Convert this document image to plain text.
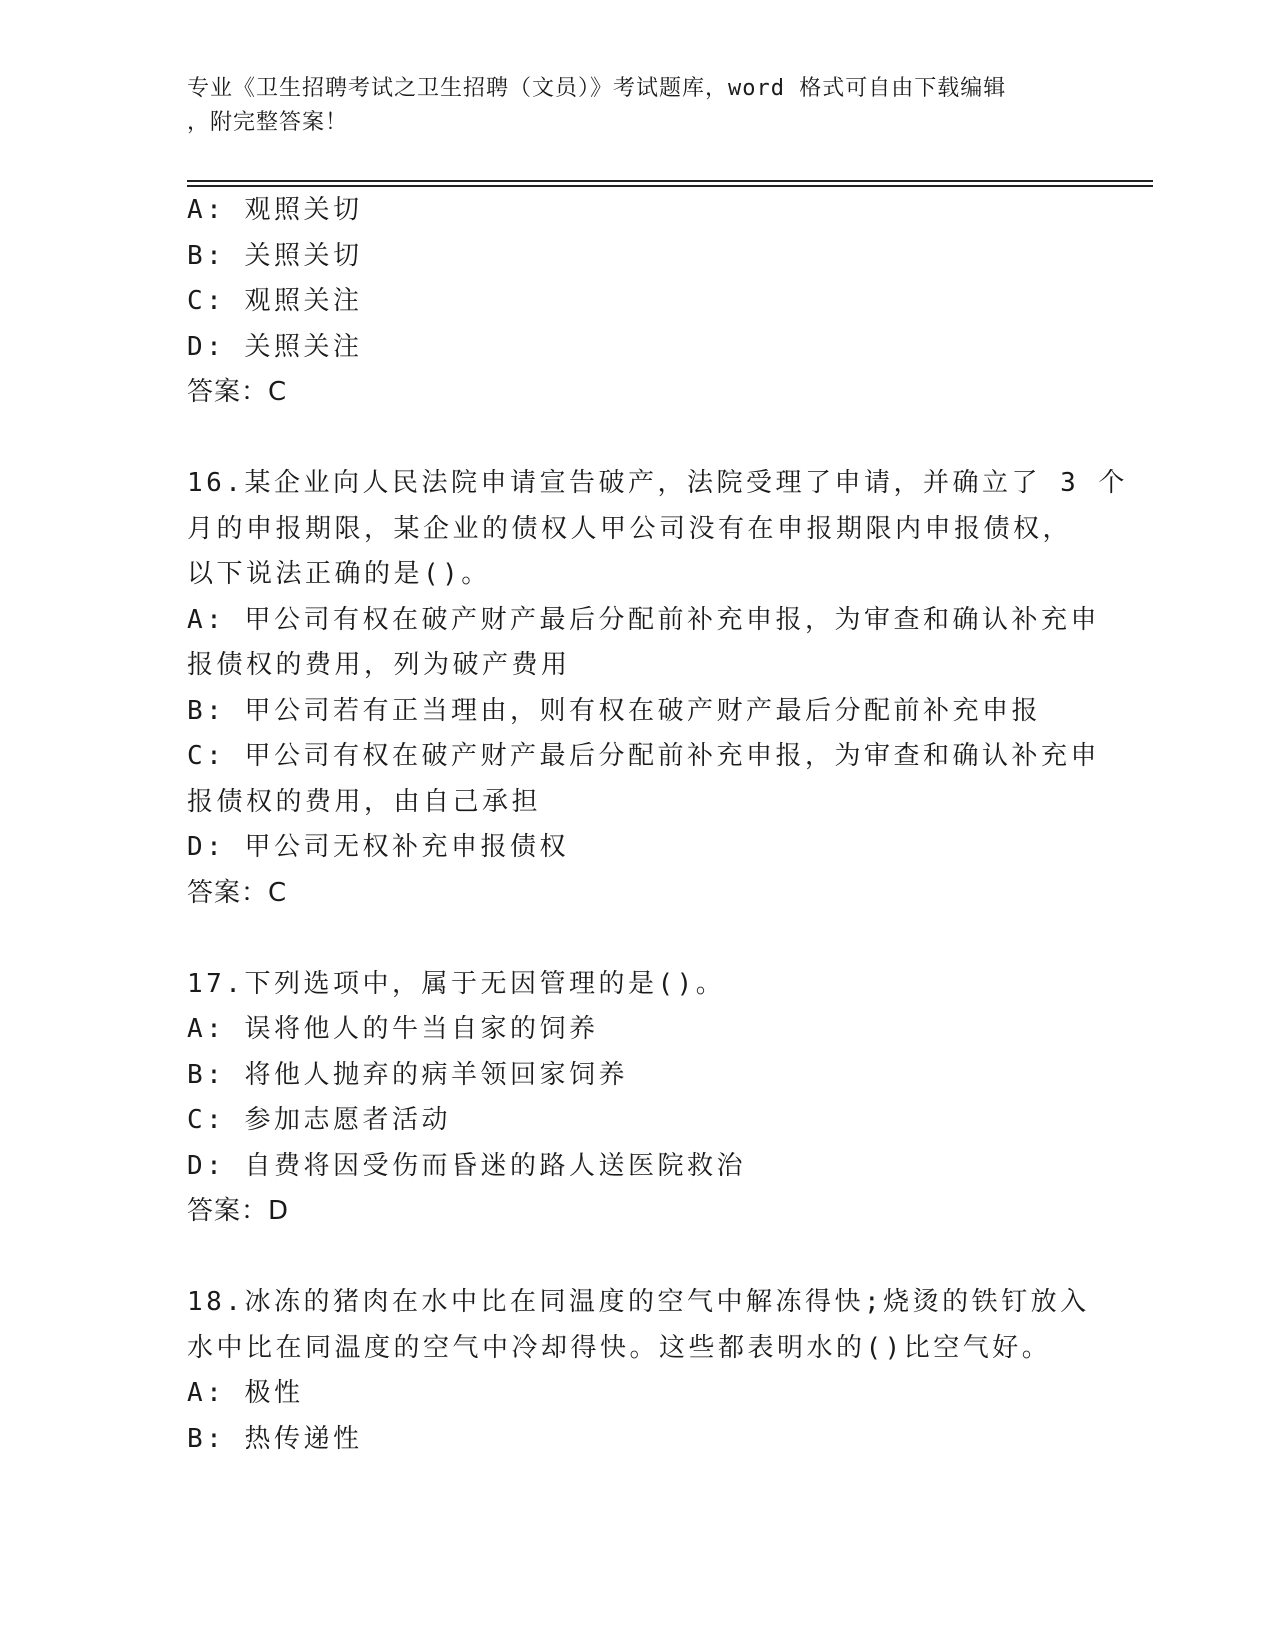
专业《卫生招聘考试之卫生招聘（文员）》考试题库，word 格式可自由下载编辑
，附完整答案！
A: 观照关切
B: 关照关切
C: 观照关注
D: 关照关注
答案：C
16.某企业向人民法院申请宣告破产，法院受理了申请，并确立了 3 个
月的申报期限，某企业的债权人甲公司没有在申报期限内申报债权，
以下说法正确的是()。
A: 甲公司有权在破产财产最后分配前补充申报，为审查和确认补充申
报债权的费用，列为破产费用
B: 甲公司若有正当理由，则有权在破产财产最后分配前补充申报
C: 甲公司有权在破产财产最后分配前补充申报，为审查和确认补充申
报债权的费用，由自己承担
D: 甲公司无权补充申报债权
答案：C
17.下列选项中，属于无因管理的是()。
A: 误将他人的牛当自家的饲养
B: 将他人抛弃的病羊领回家饲养
C: 参加志愿者活动
D: 自费将因受伤而昏迷的路人送医院救治
答案：D
18.冰冻的猪肉在水中比在同温度的空气中解冻得快;烧烫的铁钉放入
水中比在同温度的空气中冷却得快。这些都表明水的()比空气好。
A: 极性
B: 热传递性
